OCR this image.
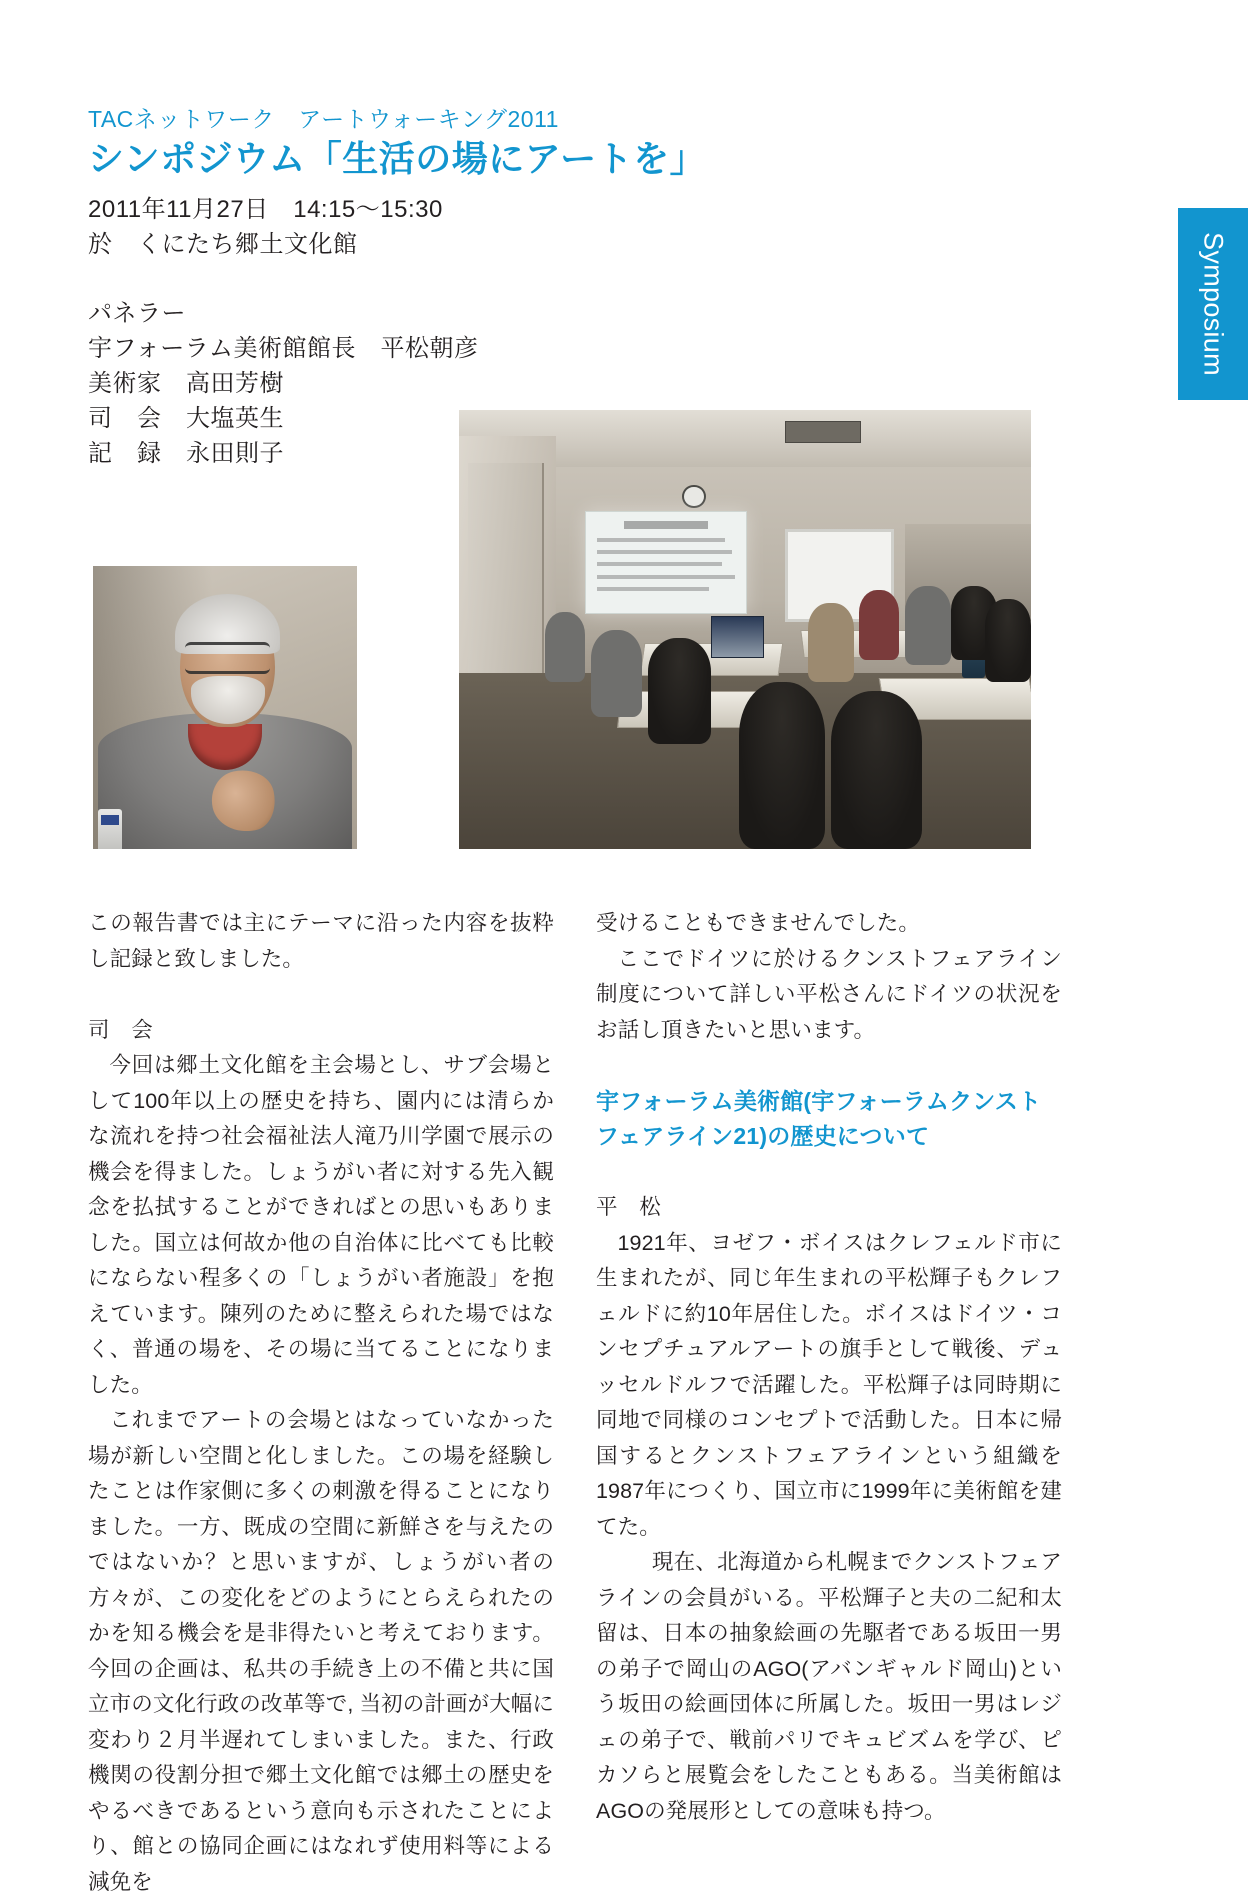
Symposium

TACネットワーク　アートウォーキング2011

シンポジウム「生活の場にアートを」

2011年11月27日　14:15〜15:30

於　くにたち郷土文化館

パネラー

宇フォーラム美術館館長　平松朝彦

美術家　高田芳樹

司　会　大塩英生

記　録　永田則子

この報告書では主にテーマに沿った内容を抜粋し記録と致しました。

司　会

今回は郷土文化館を主会場とし、サブ会場として100年以上の歴史を持ち、園内には清らかな流れを持つ社会福祉法人滝乃川学園で展示の機会を得ました。しょうがい者に対する先入観念を払拭することができればとの思いもありました。国立は何故か他の自治体に比べても比較にならない程多くの「しょうがい者施設」を抱えています。陳列のために整えられた場ではなく、普通の場を、その場に当てることになりました。

これまでアートの会場とはなっていなかった場が新しい空間と化しました。この場を経験したことは作家側に多くの刺激を得ることになりました。一方、既成の空間に新鮮さを与えたのではないか？と思いますが、しょうがい者の方々が、この変化をどのようにとらえられたのかを知る機会を是非得たいと考えております。今回の企画は、私共の手続き上の不備と共に国立市の文化行政の改革等で, 当初の計画が大幅に変わり２月半遅れてしまいました。また、行政機関の役割分担で郷土文化館では郷土の歴史をやるべきであるという意向も示されたことにより、館との協同企画にはなれず使用料等による減免を

受けることもできませんでした。

ここでドイツに於けるクンストフェアライン制度について詳しい平松さんにドイツの状況をお話し頂きたいと思います。

宇フォーラム美術館(宇フォーラムクンストフェアライン21)の歴史について

平　松

1921年、ヨゼフ・ボイスはクレフェルド市に生まれたが、同じ年生まれの平松輝子もクレフェルドに約10年居住した。ボイスはドイツ・コンセプチュアルアートの旗手として戦後、デュッセルドルフで活躍した。平松輝子は同時期に同地で同様のコンセプトで活動した。日本に帰国するとクンストフェアラインという組織を1987年につくり、国立市に1999年に美術館を建てた。

現在、北海道から札幌までクンストフェアラインの会員がいる。平松輝子と夫の二紀和太留は、日本の抽象絵画の先駆者である坂田一男の弟子で岡山のAGO(アバンギャルド岡山)という坂田の絵画団体に所属した。坂田一男はレジェの弟子で、戦前パリでキュビズムを学び、ピカソらと展覧会をしたこともある。当美術館はAGOの発展形としての意味も持つ。
